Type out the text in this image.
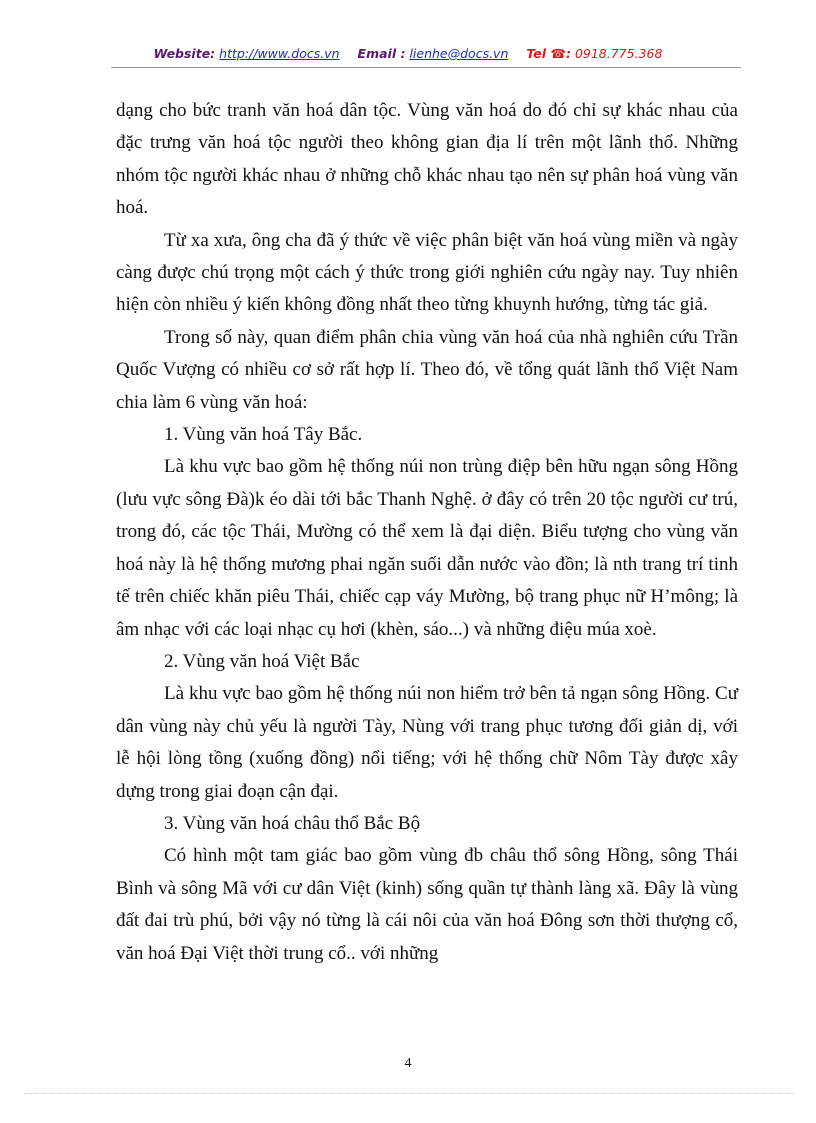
Website: http://www.docs.vn Email : lienhe@docs.vn Tel ☎: 0918.775.368

dạng cho bức tranh văn hoá dân tộc. Vùng văn hoá do đó chỉ sự khác nhau của đặc trưng văn hoá tộc người theo không gian địa lí trên một lãnh thổ. Những nhóm tộc người khác nhau ở những chỗ khác nhau tạo nên sự phân hoá vùng văn hoá.

Từ xa xưa, ông cha đã ý thức về việc phân biệt văn hoá vùng miền và ngày càng được chú trọng một cách ý thức trong giới nghiên cứu ngày nay. Tuy nhiên hiện còn nhiều ý kiến không đồng nhất theo từng khuynh hướng, từng tác giả.

Trong số này, quan điểm phân chia vùng văn hoá của nhà nghiên cứu Trần Quốc Vượng có nhiều cơ sở rất hợp lí. Theo đó, về tổng quát lãnh thổ Việt Nam chia làm 6 vùng văn hoá:

1. Vùng văn hoá Tây Bắc.

Là khu vực bao gồm hệ thống núi non trùng điệp bên hữu ngạn sông Hồng (lưu vực sông Đà)k éo dài tới bắc Thanh Nghệ. ở đây có trên 20 tộc người cư trú, trong đó, các tộc Thái, Mường có thể xem là đại diện. Biểu tượng cho vùng văn hoá này là hệ thống mương phai ngăn suối dẫn nước vào đồn; là nth trang trí tinh tế trên chiếc khăn piêu Thái, chiếc cạp váy Mường, bộ trang phục nữ H’mông; là âm nhạc với các loại nhạc cụ hơi (khèn, sáo...) và những điệu múa xoè.

2. Vùng văn hoá Việt Bắc

Là khu vực bao gồm hệ thống núi non hiểm trở bên tả ngạn sông Hồng. Cư dân vùng này chủ yếu là người Tày, Nùng với trang phục tương đối giản dị, với lễ hội lòng tồng (xuống đồng) nổi tiếng; với hệ thống chữ Nôm Tày được xây dựng trong giai đoạn cận đại.

3. Vùng văn hoá châu thổ Bắc Bộ

Có hình một tam giác bao gồm vùng đb châu thổ sông Hồng, sông Thái Bình và sông Mã với cư dân Việt (kinh) sống quần tự thành làng xã. Đây là vùng đất đai trù phú, bởi vậy nó từng là cái nôi của văn hoá Đông sơn thời thượng cổ, văn hoá Đại Việt thời trung cổ.. với những

4
